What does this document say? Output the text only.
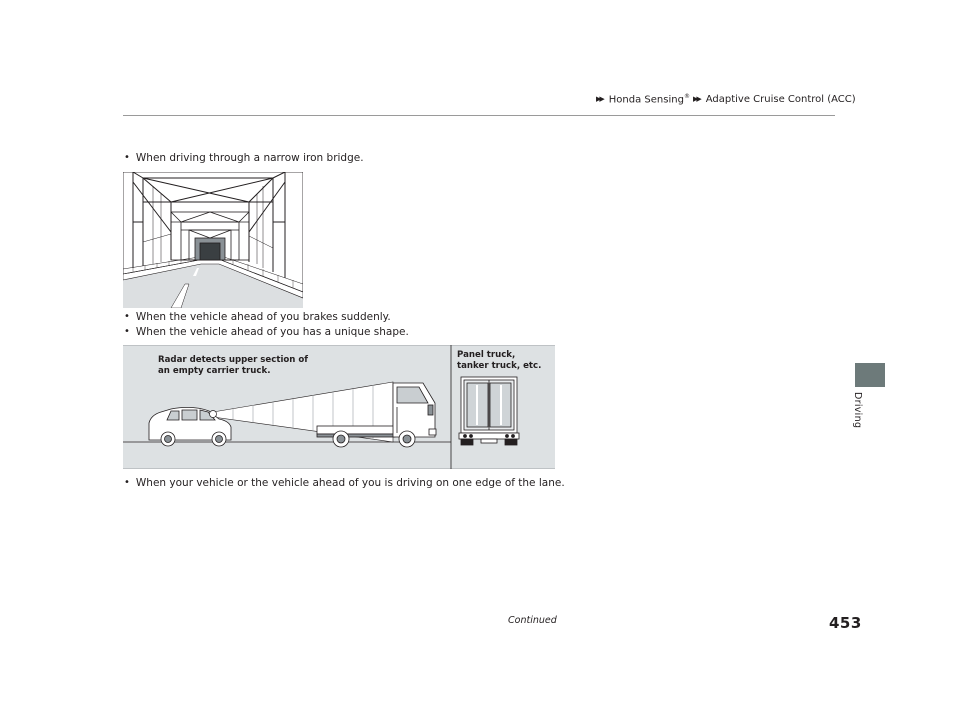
▶▶ Honda Sensing® ▶▶ Adaptive Cruise Control (ACC)
Driving
• When driving through a narrow iron bridge.
• When the vehicle ahead of you brakes suddenly.
• When the vehicle ahead of you has a unique shape.
Radar detects upper section of
an empty carrier truck.
Panel truck,
tanker truck, etc.
• When your vehicle or the vehicle ahead of you is driving on one edge of the lane.
Continued	453
